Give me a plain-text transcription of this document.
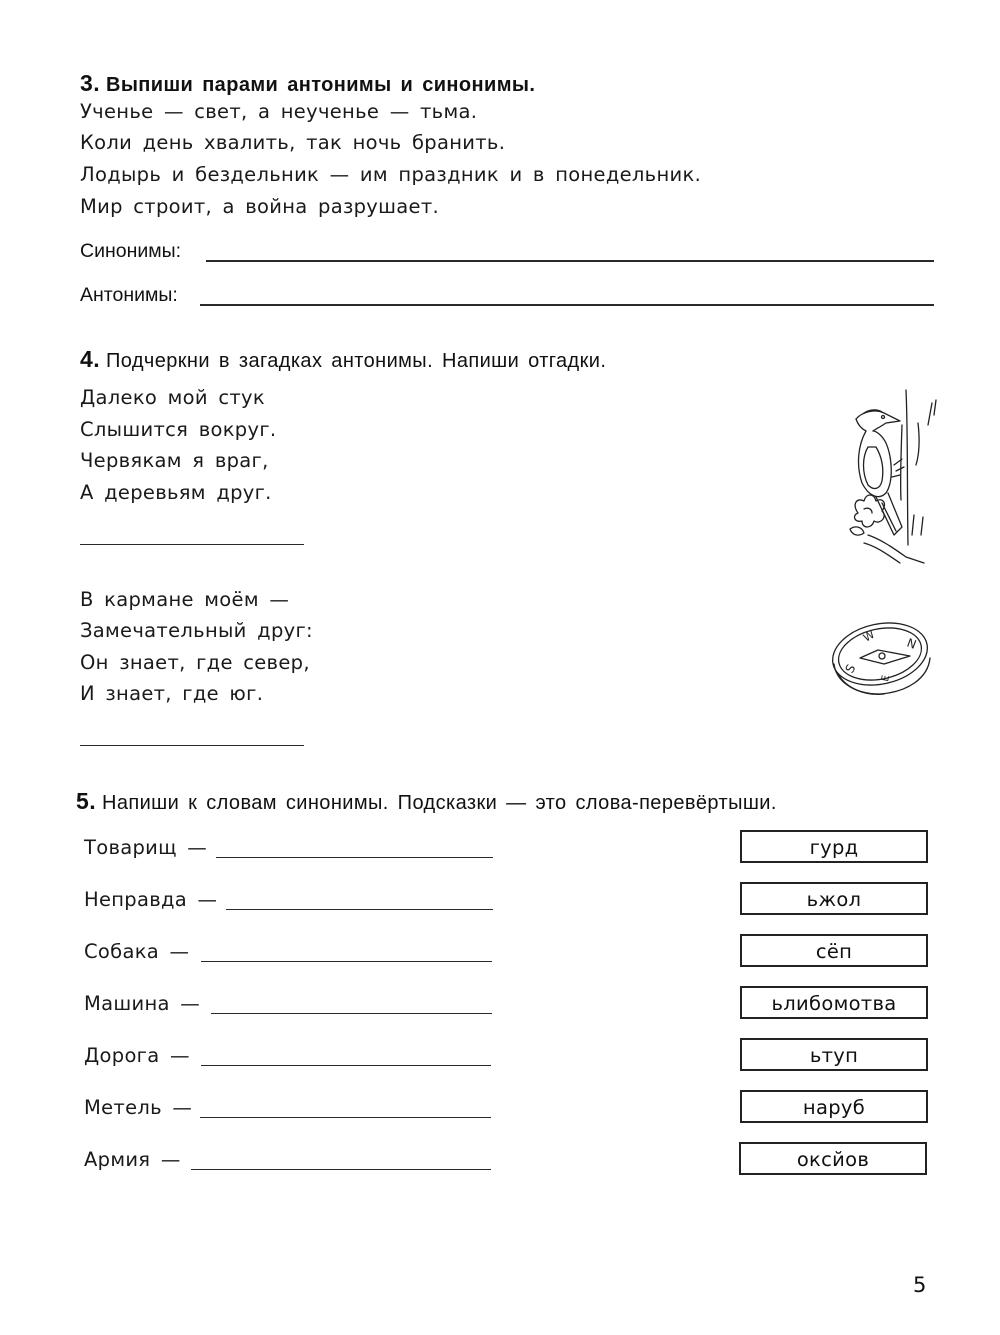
3. Выпиши парами антонимы и синонимы.
Ученье — свет, а неученье — тьма.
Коли день хвалить, так ночь бранить.
Лодырь и бездельник — им праздник и в понедельник.
Мир строит, а война разрушает.
Синонимы:
Антонимы:
4. Подчеркни в загадках антонимы. Напиши отгадки.
Далеко мой стук
Слышится вокруг.
Червякам я враг,
А деревьям друг.
В кармане моём —
Замечательный друг:
Он знает, где север,
И знает, где юг.
W N
S
E
5. Напиши к словам синонимы. Подсказки — это слова-перевёртыши.
Товарищ —
Неправда —
Собака —
Машина —
Дорога —
Метель —
Армия —
гурд
ьжол
сёп
ьлибомотва
ьтуп
наруб
оксйов
5
